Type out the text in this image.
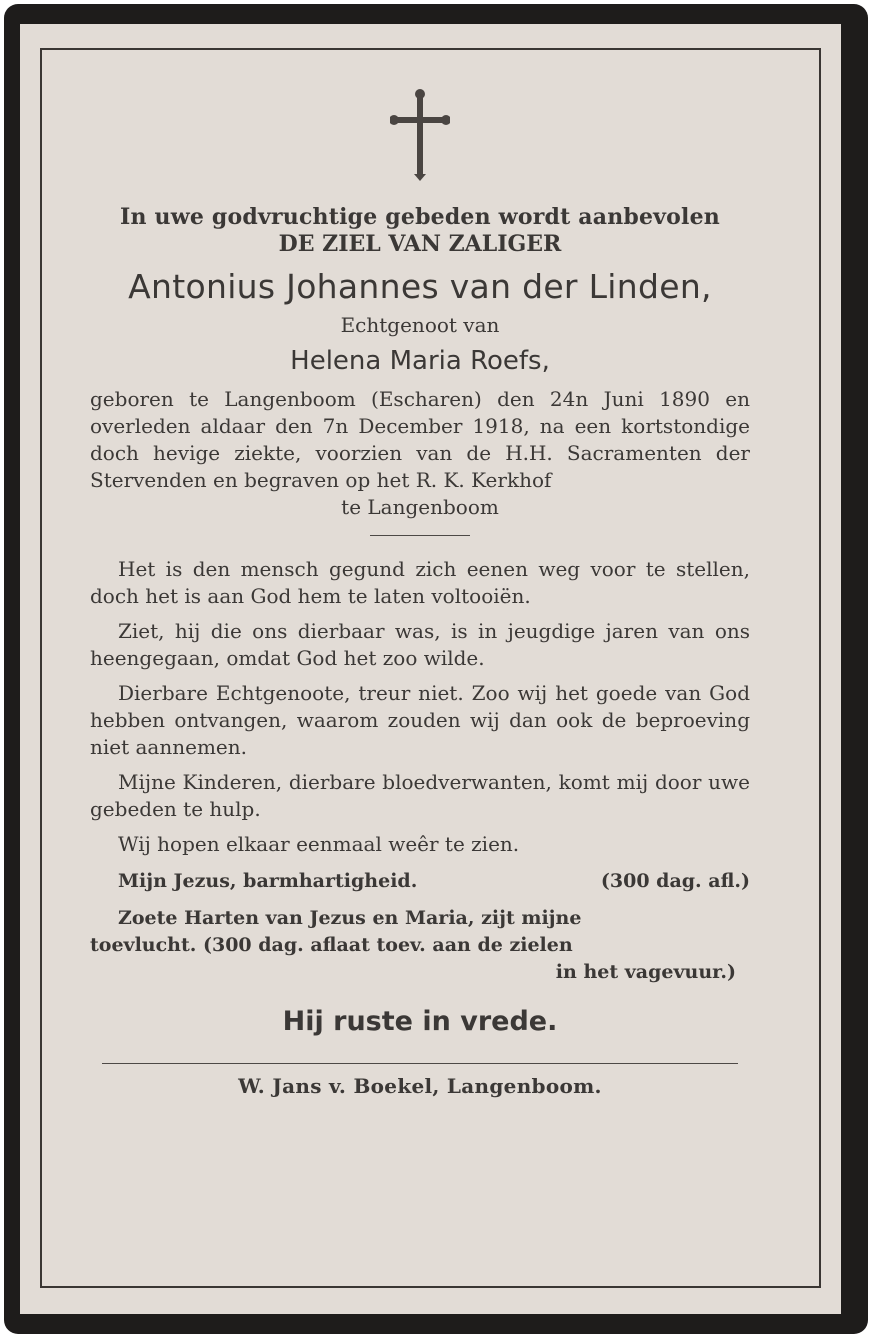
In uwe godvruchtige gebeden wordt aanbevolen
DE ZIEL VAN ZALIGER
Antonius Johannes van der Linden,
Echtgenoot van
Helena Maria Roefs,
geboren te Langenboom (Escharen) den 24n Juni 1890 en overleden aldaar den 7n December 1918, na een kortstondige doch hevige ziekte, voorzien van de H.H. Sacramenten der Stervenden en begraven op het R. K. Kerkhof
te Langenboom
Het is den mensch gegund zich eenen weg voor te stellen, doch het is aan God hem te laten voltooiën.
Ziet, hij die ons dierbaar was, is in jeugdige jaren van ons heengegaan, omdat God het zoo wilde.
Dierbare Echtgenoote, treur niet. Zoo wij het goede van God hebben ontvangen, waarom zouden wij dan ook de beproeving niet aannemen.
Mijne Kinderen, dierbare bloedverwanten, komt mij door uwe gebeden te hulp.
Wij hopen elkaar eenmaal weêr te zien.
(300 dag. afl.)
Mijn Jezus, barmhartigheid.
Zoete Harten van Jezus en Maria, zijt mijne
toevlucht. (300 dag. aflaat toev. aan de zielen
in het vagevuur.)
Hij ruste in vrede.
W. Jans v. Boekel, Langenboom.
